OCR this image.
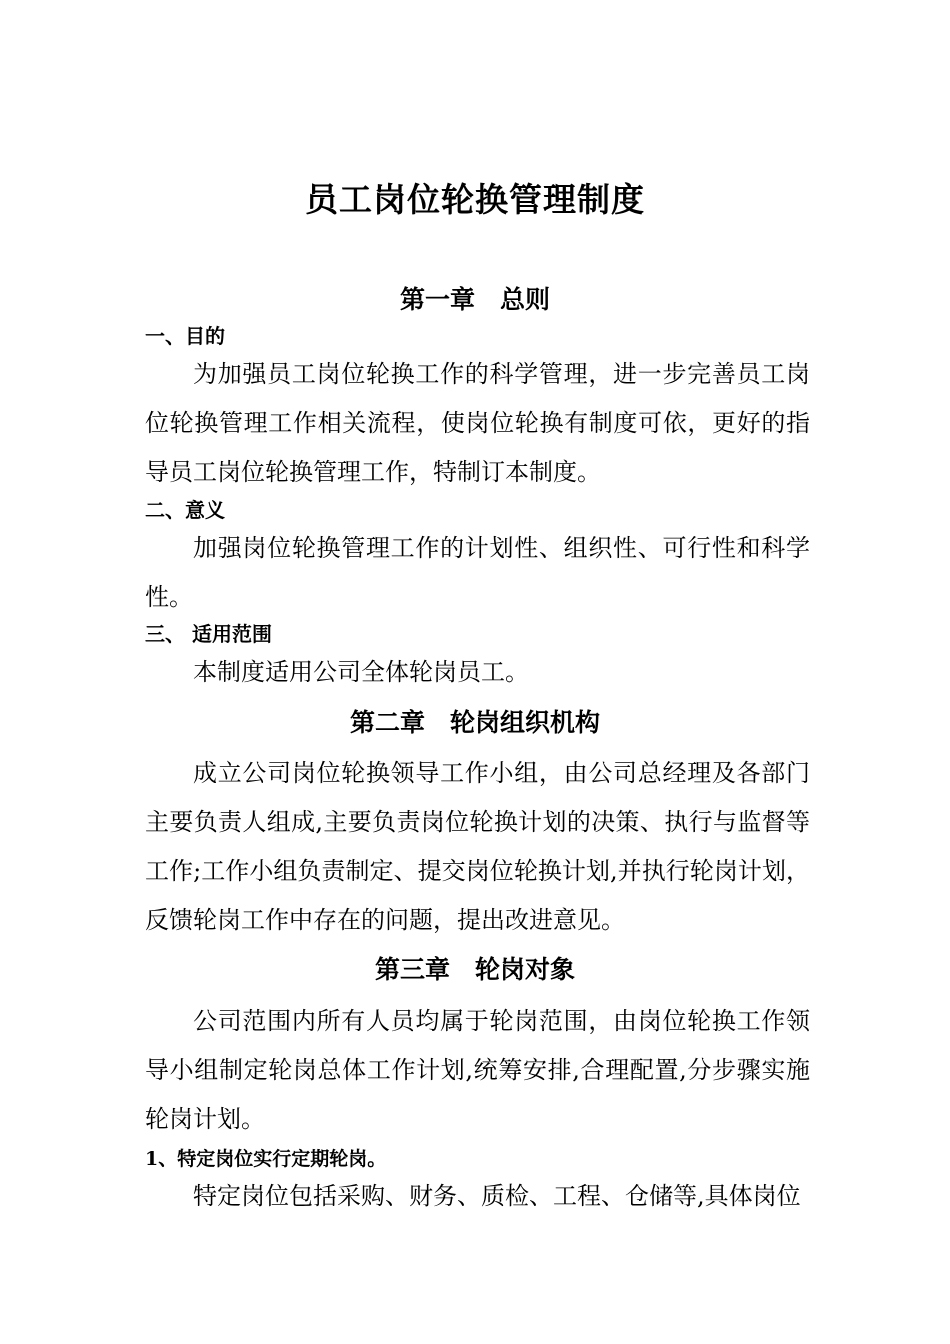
员工岗位轮换管理制度
第一章　总则
一、目的

为加强员工岗位轮换工作的科学管理，进一步完善员工岗位轮换管理工作相关流程，使岗位轮换有制度可依，更好的指导员工岗位轮换管理工作，特制订本制度。

二、意义

加强岗位轮换管理工作的计划性、组织性、可行性和科学性。

三、 适用范围

本制度适用公司全体轮岗员工。

第二章　轮岗组织机构

成立公司岗位轮换领导工作小组，由公司总经理及各部门主要负责人组成,主要负责岗位轮换计划的决策、执行与监督等工作;工作小组负责制定、提交岗位轮换计划,并执行轮岗计划，反馈轮岗工作中存在的问题，提出改进意见。

第三章　轮岗对象

公司范围内所有人员均属于轮岗范围，由岗位轮换工作领导小组制定轮岗总体工作计划,统筹安排,合理配置,分步骤实施轮岗计划。

1、特定岗位实行定期轮岗。

特定岗位包括采购、财务、质检、工程、仓储等,具体岗位
